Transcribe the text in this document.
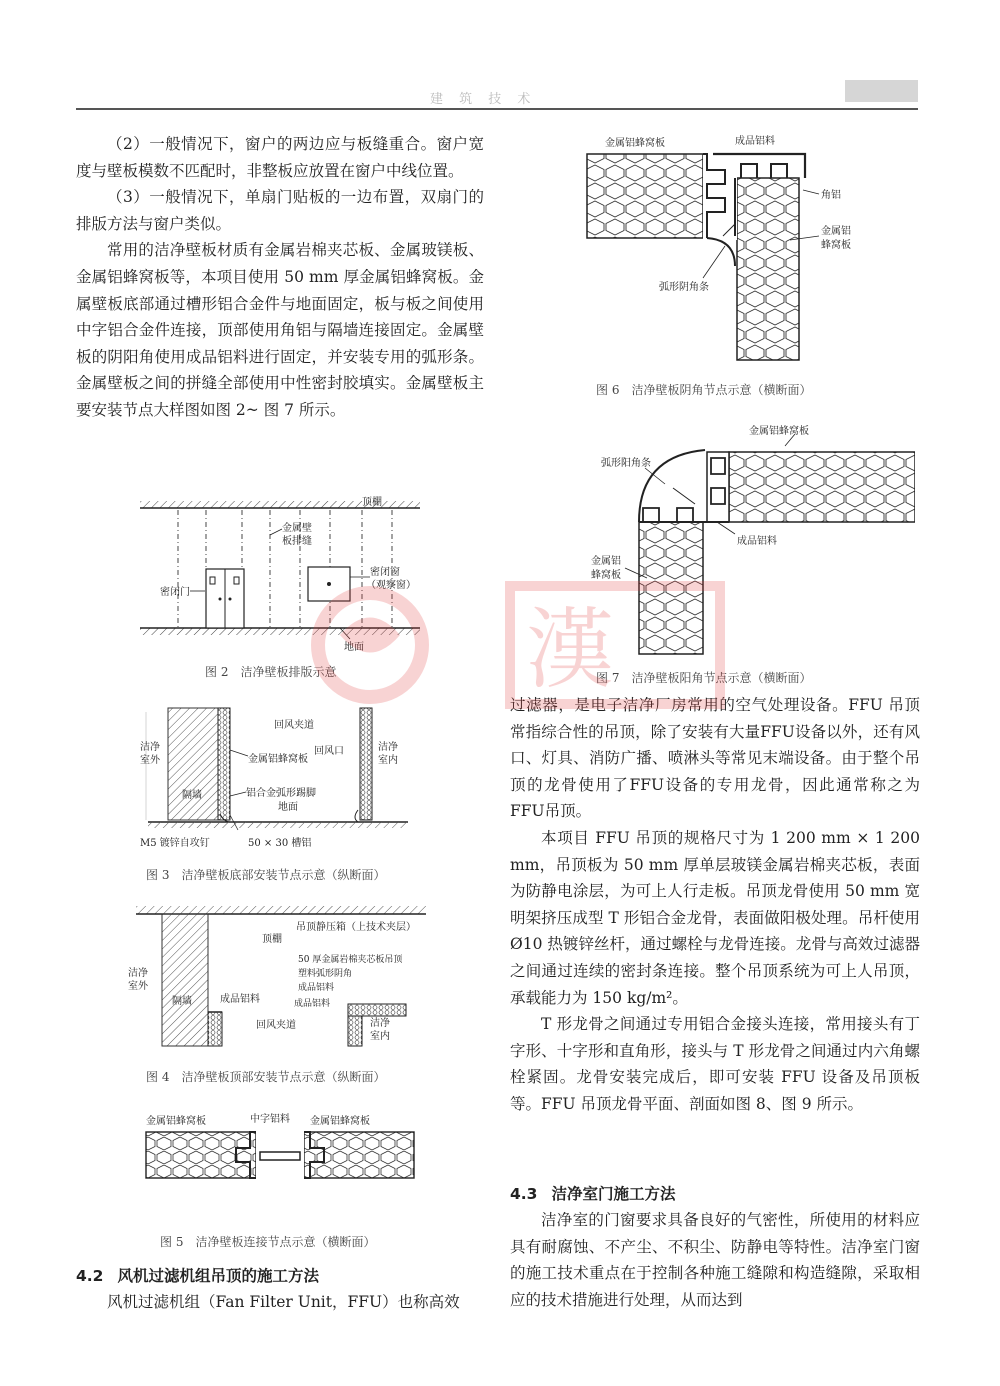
建 筑 技 术

（2）一般情况下，窗户的两边应与板缝重合。窗户宽度与壁板模数不匹配时，非整板应放置在窗户中线位置。

（3）一般情况下，单扇门贴板的一边布置，双扇门的排版方法与窗户类似。

常用的洁净壁板材质有金属岩棉夹芯板、金属玻镁板、金属铝蜂窝板等，本项目使用 50 mm 厚金属铝蜂窝板。金属壁板底部通过槽形铝合金件与地面固定，板与板之间使用中字铝合金件连接，顶部使用角铝与隔墙连接固定。金属壁板的阴阳角使用成品铝料进行固定，并安装专用的弧形条。金属壁板之间的拼缝全部使用中性密封胶填实。金属壁板主要安装节点大样图如图 2~ 图 7 所示。

顶棚
金属壁
板排缝
密闭门
密闭窗
（观察窗）
地面
图 2　洁净壁板排版示意
回风夹道
洁净
室外	金属铝蜂窝板
回风口	洁净
室内
隔墙	铝合金弧形踢脚
地面
M5 镀锌自攻钉	50 × 30 槽铝
图 3　洁净壁板底部安装节点示意（纵断面）
吊顶静压箱（上技术夹层）
顶棚
50 厚金属岩棉夹芯板吊顶
塑料弧形阴角
成品铝料
洁净
室外
隔墙	成品铝料	成品铝料
回风夹道	洁净
室内
图 4　洁净壁板顶部安装节点示意（纵断面）
金属铝蜂窝板	中字铝料 金属铝蜂窝板
图 5　洁净壁板连接节点示意（横断面）
4.2 风机过滤机组吊顶的施工方法
风机过滤机组（Fan Filter Unit，FFU）也称高效
金属铝蜂窝板	成品铝料
角铝
金属铝
蜂窝板
弧形阴角条
图 6　洁净壁板阴角节点示意（横断面）
金属铝蜂窝板
弧形阳角条
成品铝料
金属铝
蜂窝板
图 7　洁净壁板阳角节点示意（横断面）

过滤器，是电子洁净厂房常用的空气处理设备。FFU 吊顶常指综合性的吊顶，除了安装有大量FFU设备以外，还有风口、灯具、消防广播、喷淋头等常见末端设备。由于整个吊顶的龙骨使用了FFU设备的专用龙骨，因此通常称之为FFU吊顶。

本项目 FFU 吊顶的规格尺寸为 1 200 mm × 1 200 mm，吊顶板为 50 mm 厚单层玻镁金属岩棉夹芯板，表面为防静电涂层，为可上人行走板。吊顶龙骨使用 50 mm 宽明架挤压成型 T 形铝合金龙骨，表面做阳极处理。吊杆使用 Ø10 热镀锌丝杆，通过螺栓与龙骨连接。龙骨与高效过滤器之间通过连续的密封条连接。整个吊顶系统为可上人吊顶，承载能力为 150 kg/m²。

T 形龙骨之间通过专用铝合金接头连接，常用接头有丁字形、十字形和直角形，接头与 T 形龙骨之间通过内六角螺栓紧固。龙骨安装完成后，即可安装 FFU 设备及吊顶板等。FFU 吊顶龙骨平面、剖面如图 8、图 9 所示。

4.3 洁净室门施工方法
洁净室的门窗要求具备良好的气密性，所使用的材料应具有耐腐蚀、不产尘、不积尘、防静电等特性。洁净室门窗的施工技术重点在于控制各种施工缝隙和构造缝隙，采取相应的技术措施进行处理，从而达到
漢
